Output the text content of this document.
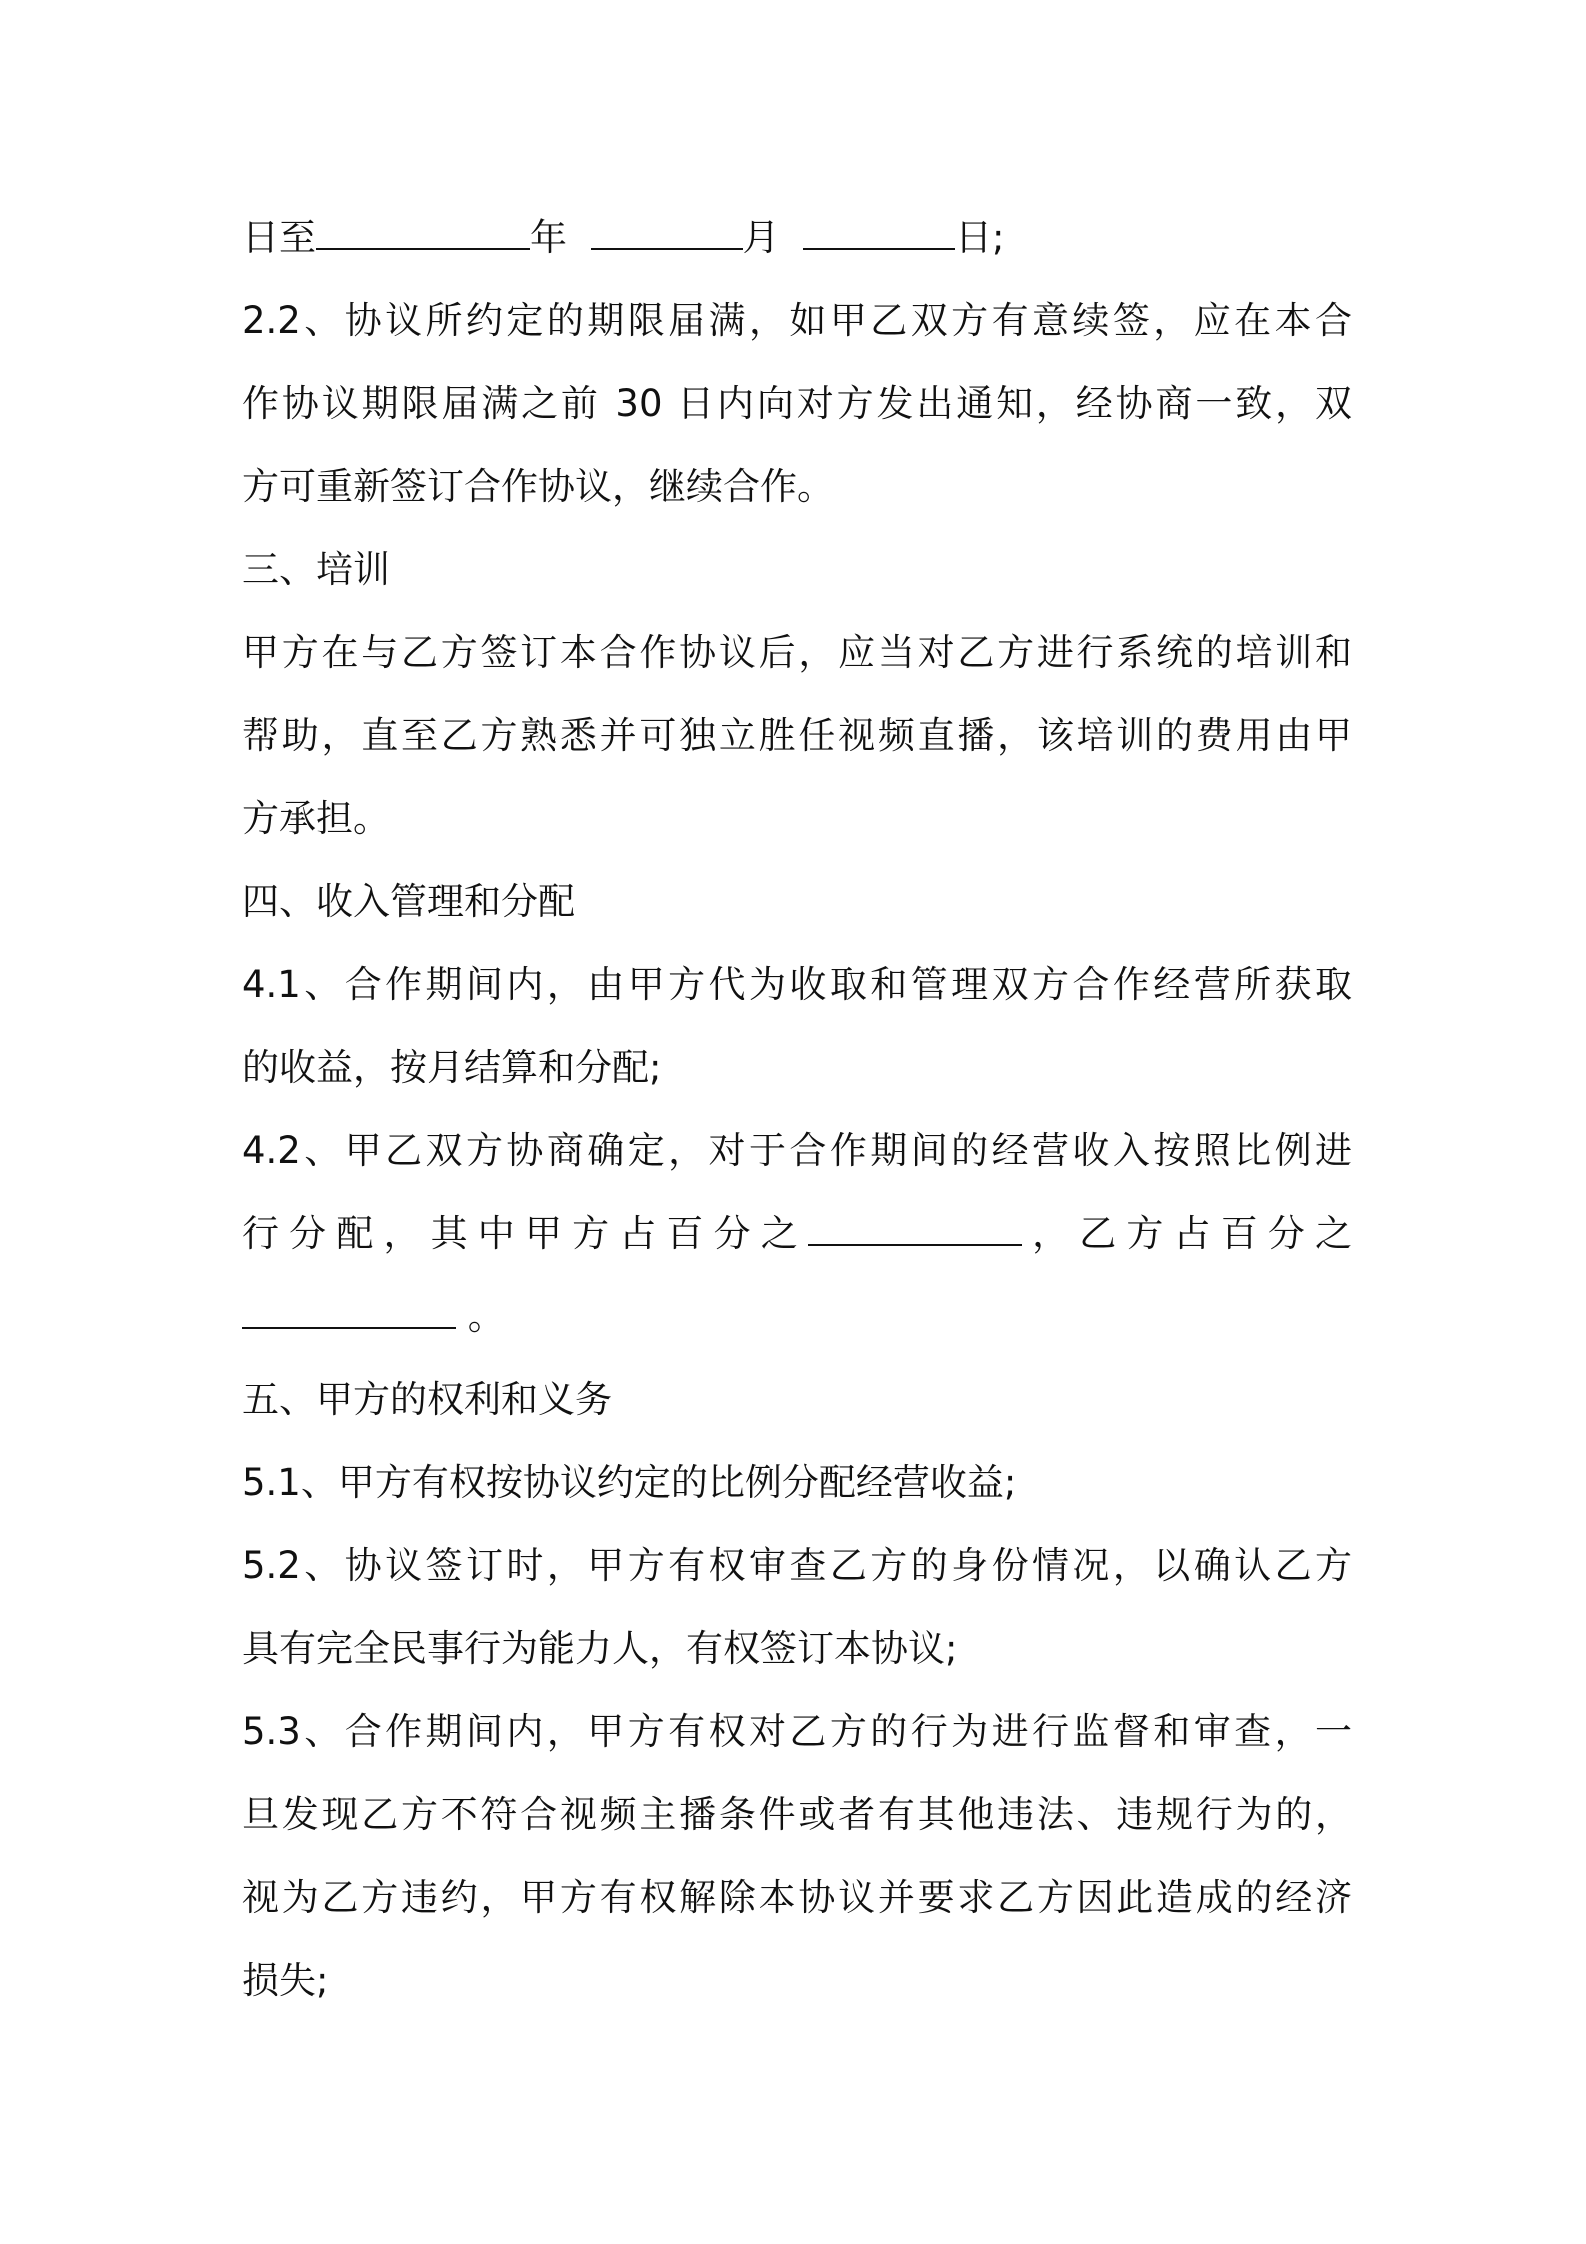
日至	年	月	日;
2.2、协议所约定的期限届满，如甲乙双方有意续签，应在本合
作协议期限届满之前 30 日内向对方发出通知，经协商一致，双
方可重新签订合作协议，继续合作。
三、培训
甲方在与乙方签订本合作协议后，应当对乙方进行系统的培训和
帮助，直至乙方熟悉并可独立胜任视频直播，该培训的费用由甲
方承担。
四、收入管理和分配
4.1、合作期间内，由甲方代为收取和管理双方合作经营所获取
的收益，按月结算和分配;
4.2、甲乙双方协商确定，对于合作期间的经营收入按照比例进
行分配，其中甲方占百分之	，乙方占百分之
。
五、甲方的权利和义务
5.1、甲方有权按协议约定的比例分配经营收益;
5.2、协议签订时，甲方有权审查乙方的身份情况，以确认乙方
具有完全民事行为能力人，有权签订本协议;
5.3、合作期间内，甲方有权对乙方的行为进行监督和审查，一
旦发现乙方不符合视频主播条件或者有其他违法、违规行为的，
视为乙方违约，甲方有权解除本协议并要求乙方因此造成的经济
损失;
